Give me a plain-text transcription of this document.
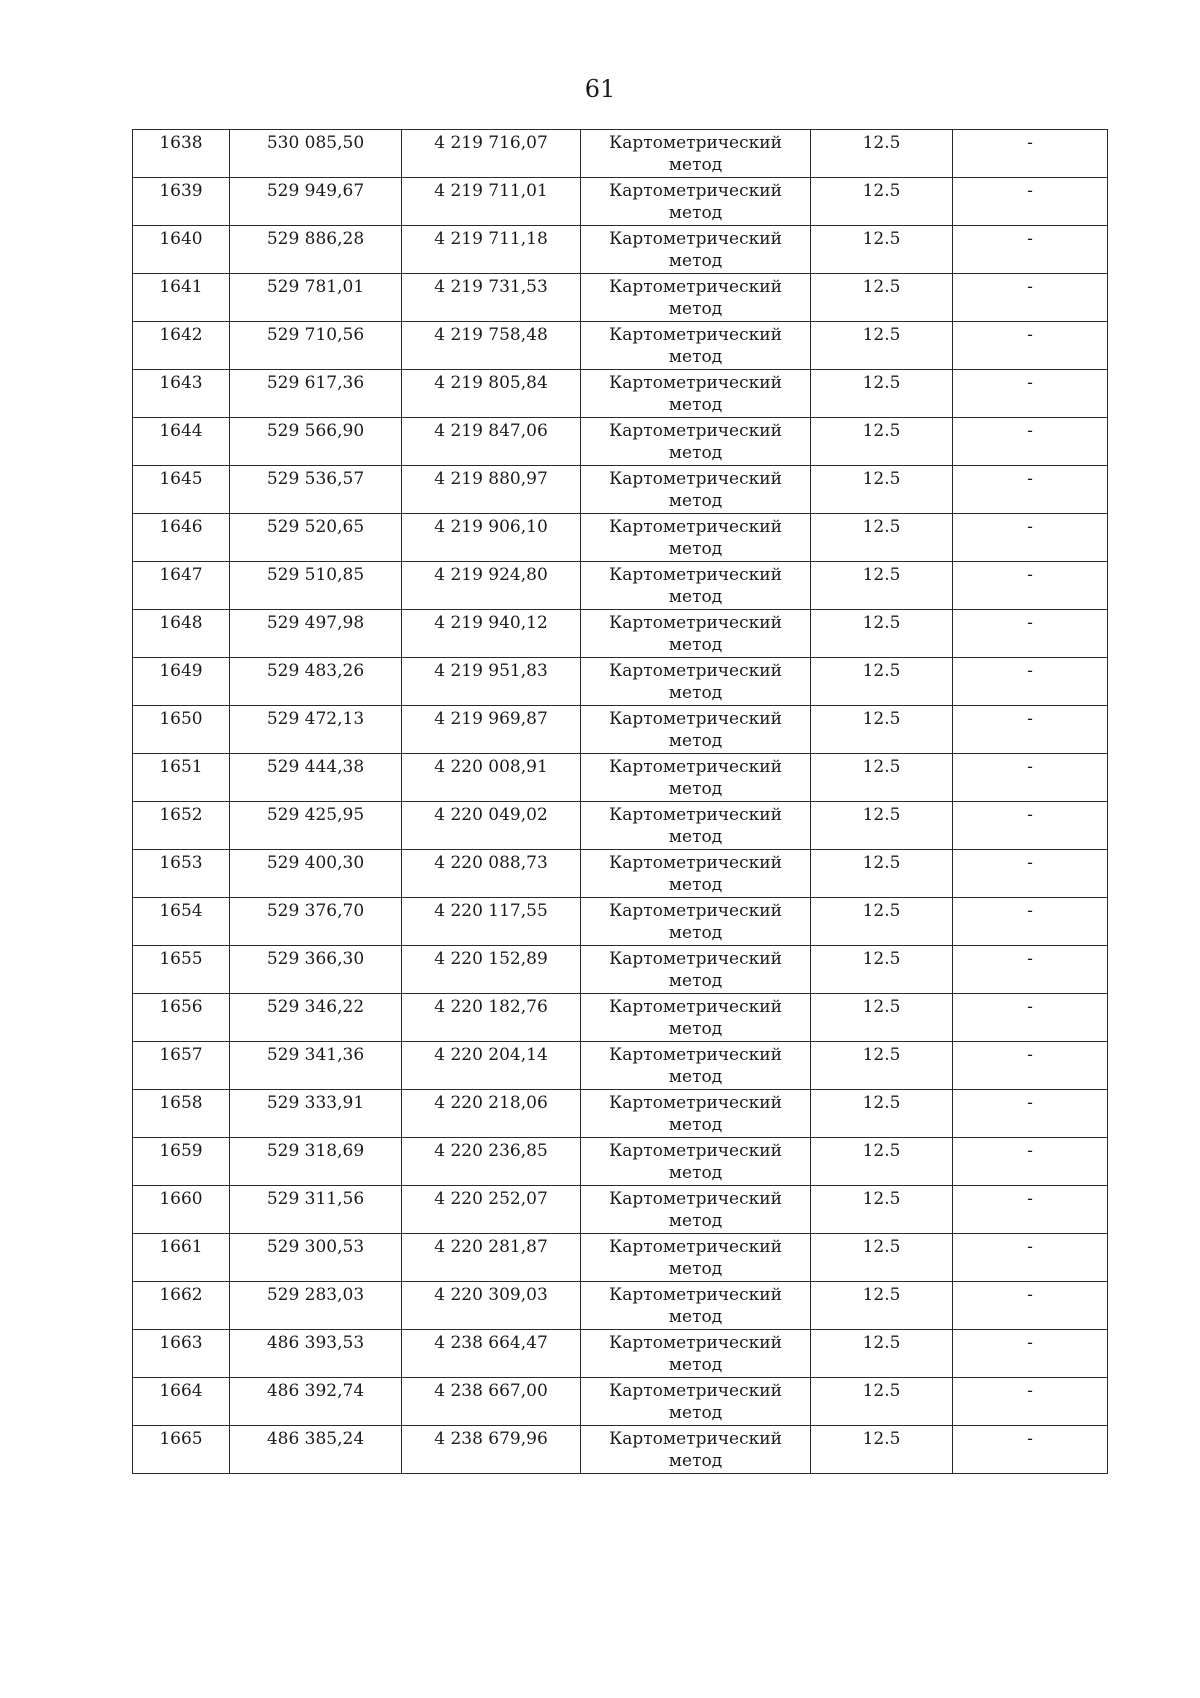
61
1638	530 085,50	4 219 716,07	Картометрический метод	12.5	-
1639	529 949,67	4 219 711,01	Картометрический метод	12.5	-
1640	529 886,28	4 219 711,18	Картометрический метод	12.5	-
1641	529 781,01	4 219 731,53	Картометрический метод	12.5	-
1642	529 710,56	4 219 758,48	Картометрический метод	12.5	-
1643	529 617,36	4 219 805,84	Картометрический метод	12.5	-
1644	529 566,90	4 219 847,06	Картометрический метод	12.5	-
1645	529 536,57	4 219 880,97	Картометрический метод	12.5	-
1646	529 520,65	4 219 906,10	Картометрический метод	12.5	-
1647	529 510,85	4 219 924,80	Картометрический метод	12.5	-
1648	529 497,98	4 219 940,12	Картометрический метод	12.5	-
1649	529 483,26	4 219 951,83	Картометрический метод	12.5	-
1650	529 472,13	4 219 969,87	Картометрический метод	12.5	-
1651	529 444,38	4 220 008,91	Картометрический метод	12.5	-
1652	529 425,95	4 220 049,02	Картометрический метод	12.5	-
1653	529 400,30	4 220 088,73	Картометрический метод	12.5	-
1654	529 376,70	4 220 117,55	Картометрический метод	12.5	-
1655	529 366,30	4 220 152,89	Картометрический метод	12.5	-
1656	529 346,22	4 220 182,76	Картометрический метод	12.5	-
1657	529 341,36	4 220 204,14	Картометрический метод	12.5	-
1658	529 333,91	4 220 218,06	Картометрический метод	12.5	-
1659	529 318,69	4 220 236,85	Картометрический метод	12.5	-
1660	529 311,56	4 220 252,07	Картометрический метод	12.5	-
1661	529 300,53	4 220 281,87	Картометрический метод	12.5	-
1662	529 283,03	4 220 309,03	Картометрический метод	12.5	-
1663	486 393,53	4 238 664,47	Картометрический метод	12.5	-
1664	486 392,74	4 238 667,00	Картометрический метод	12.5	-
1665	486 385,24	4 238 679,96	Картометрический метод	12.5	-
